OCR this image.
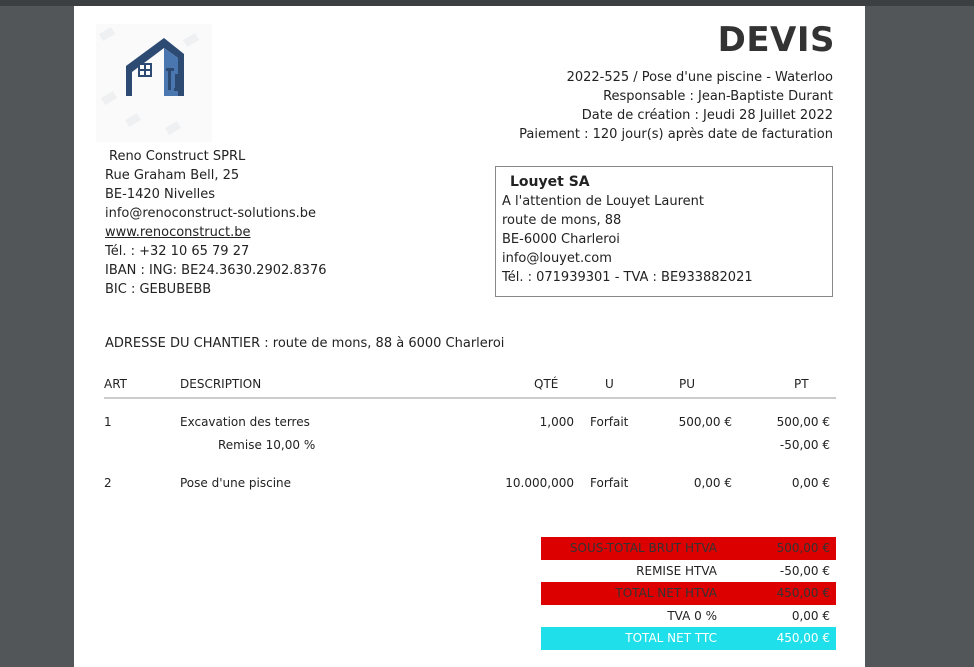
DEVIS
2022-525 / Pose d'une piscine - Waterloo
Responsable : Jean-Baptiste Durant
Date de création : Jeudi 28 Juillet 2022
Paiement : 120 jour(s) après date de facturation
Reno Construct SPRL
Rue Graham Bell, 25
BE-1420 Nivelles
info@renoconstruct-solutions.be
www.renoconstruct.be
Tél. : +32 10 65 79 27
IBAN : ING: BE24.3630.2902.8376
BIC : GEBUBEBB
Louyet SA
A l'attention de Louyet Laurent
route de mons, 88
BE-6000 Charleroi
info@louyet.com
Tél. : 071939301 - TVA : BE933882021
ADRESSE DU CHANTIER : route de mons, 88 à 6000 Charleroi
ART	DESCRIPTION	QTÉ	U	PU	PT
1	Excavation des terres	1,000 Forfait	500,00 €	500,00 €
Remise 10,00 %	-50,00 €
2	Pose d'une piscine	10.000,000 Forfait	0,00 €	0,00 €
SOUS-TOTAL BRUT HTVA	500,00 €
REMISE HTVA	-50,00 €
TOTAL NET HTVA	450,00 €
TVA 0 %	0,00 €
TOTAL NET TTC	450,00 €
